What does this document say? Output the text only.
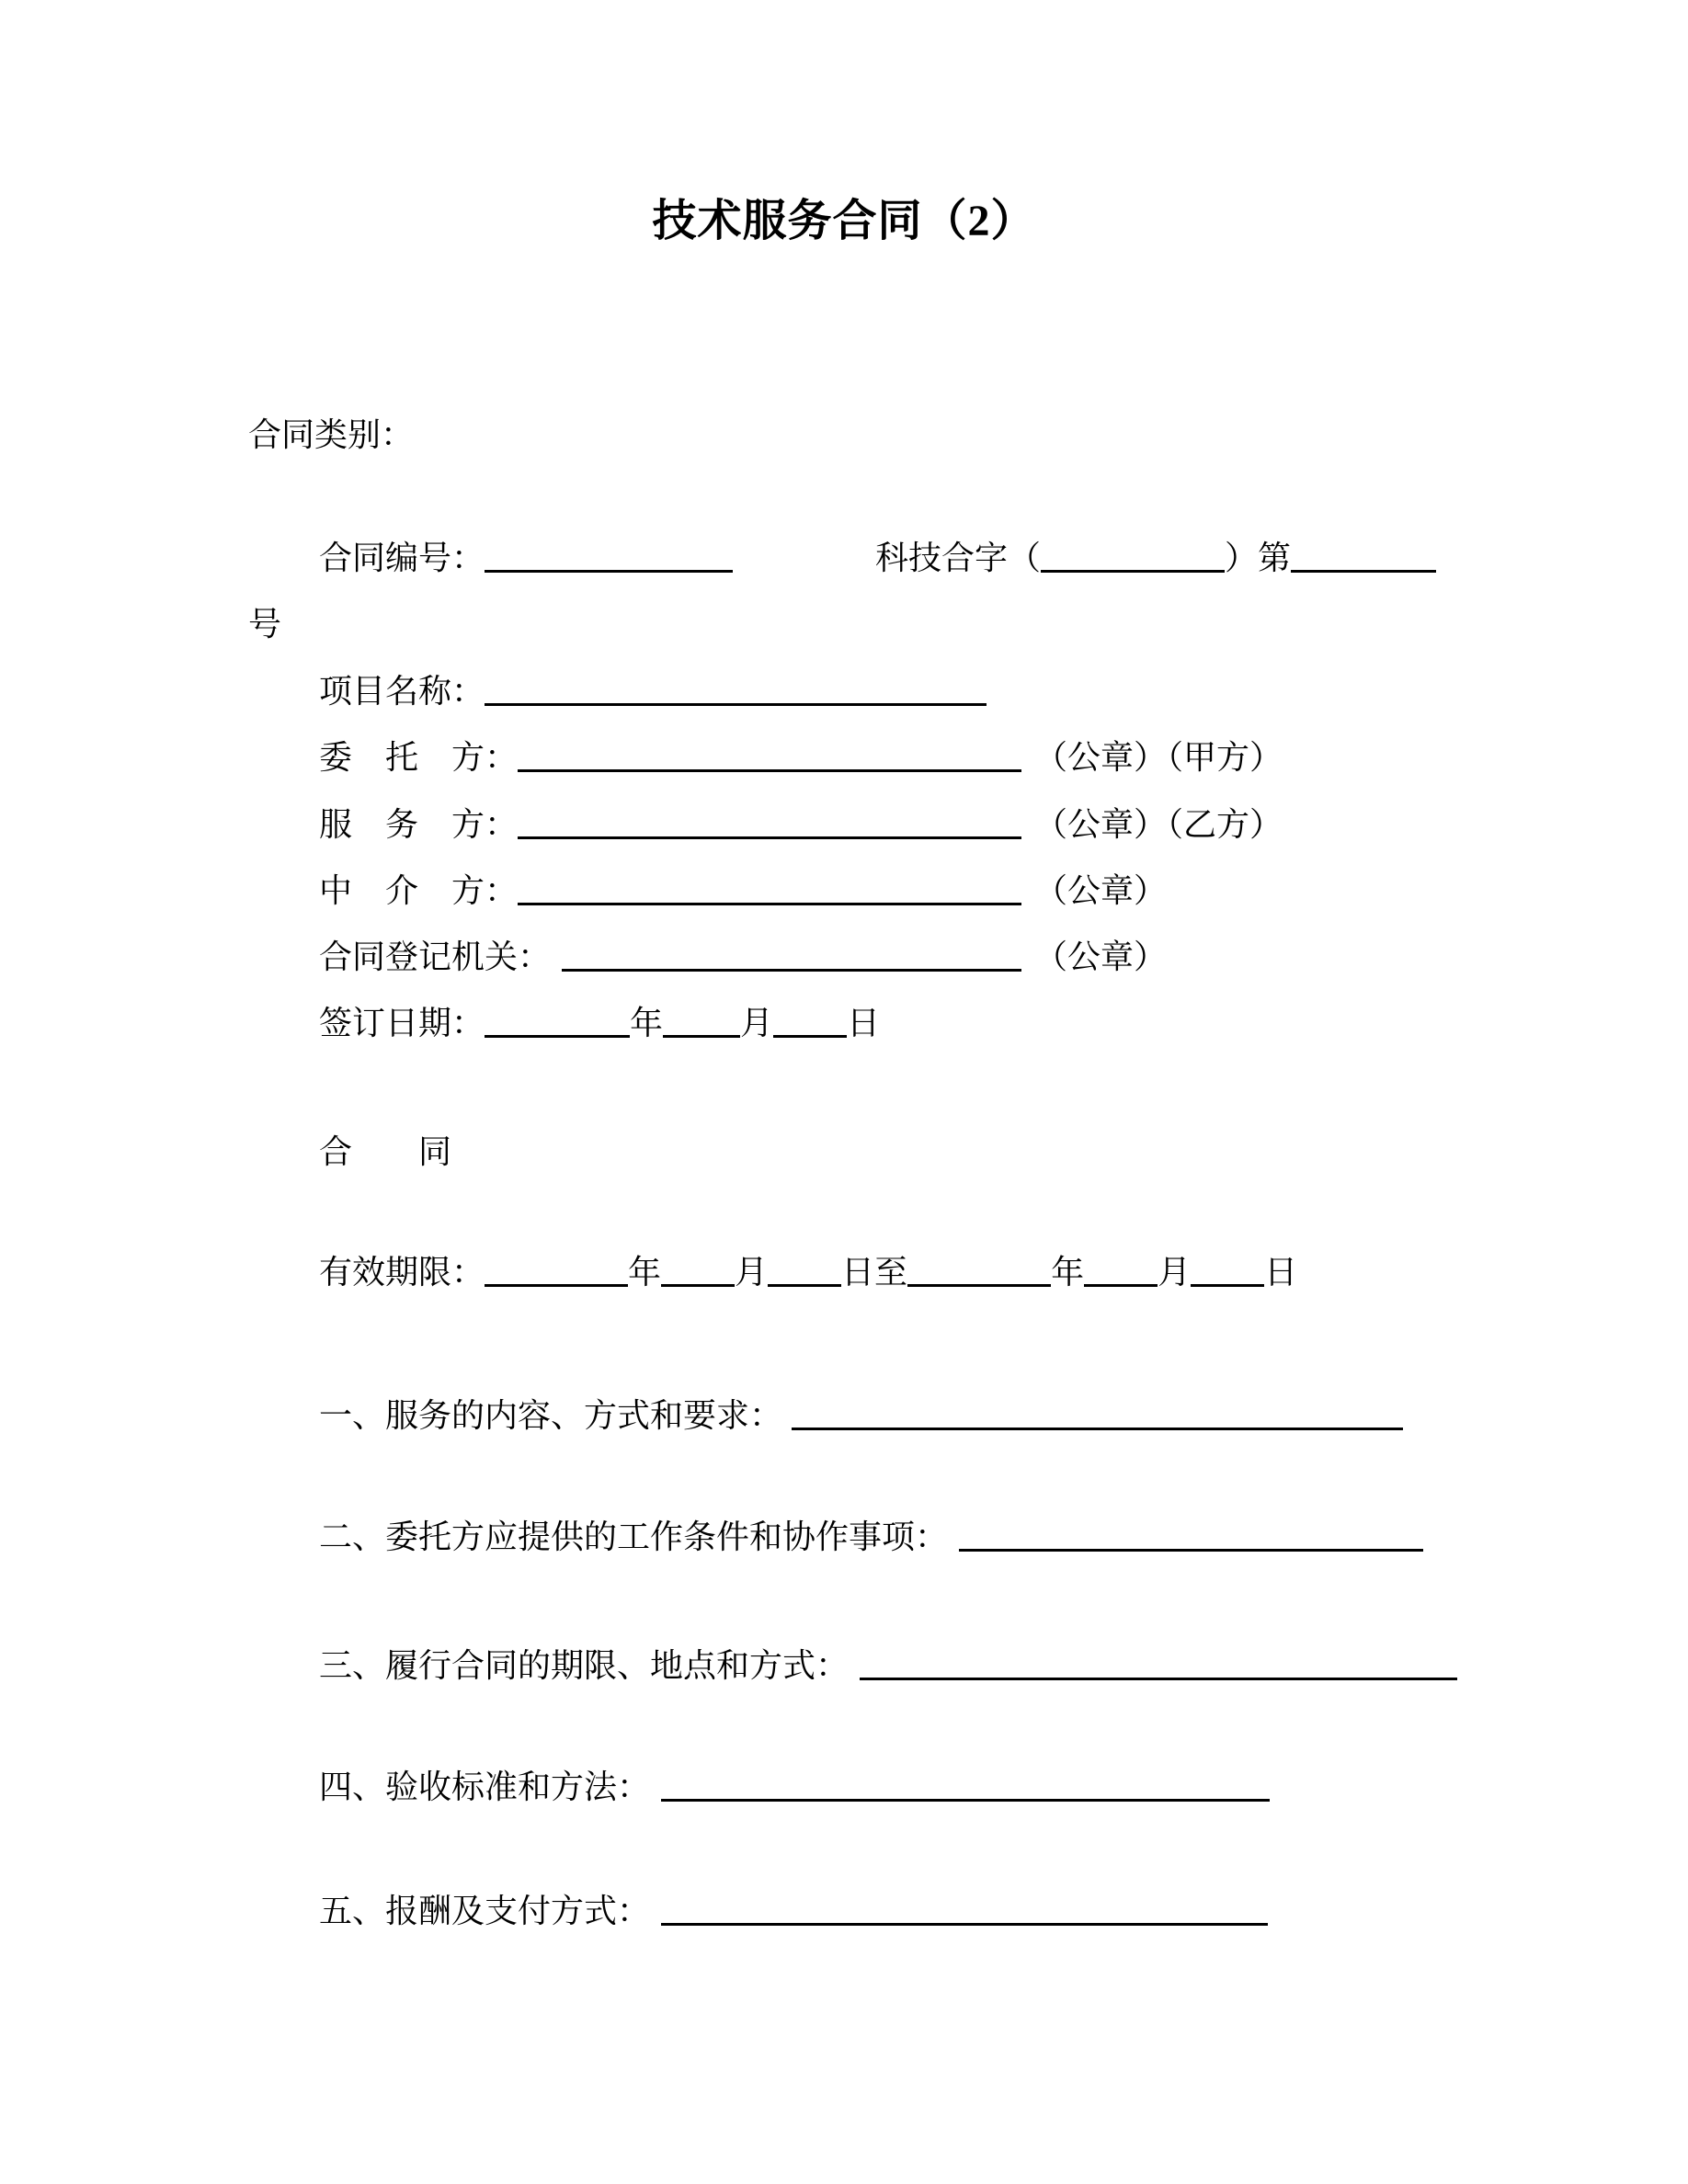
技术服务合同（2）
合同类别：
合同编号：	科技合字（	）第
号
项目名称：
委　托　方：	（公章）（甲方）
服　务　方：	（公章）（乙方）
中　介　方：	（公章）
合同登记机关：	（公章）
签订日期：	年 月 日
合　　同
有效期限：	年 月 日至	年 月 日
一、服务的内容、方式和要求：
二、委托方应提供的工作条件和协作事项：
三、履行合同的期限、地点和方式：
四、验收标准和方法：
五、报酬及支付方式：
